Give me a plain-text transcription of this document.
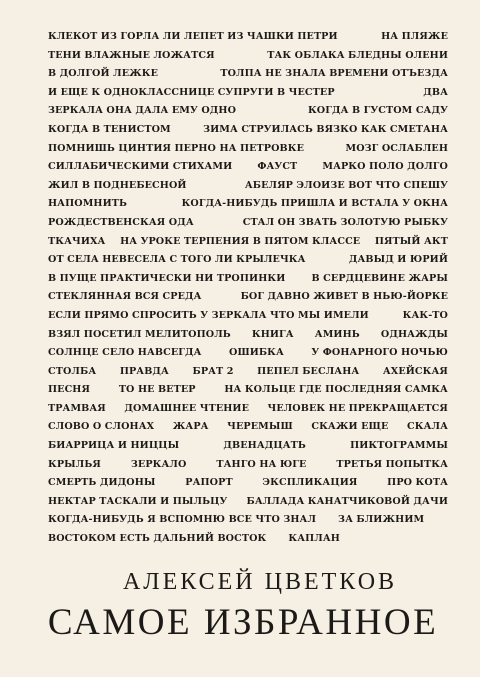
КЛЕКОТ ИЗ ГОРЛА ЛИ ЛЕПЕТ ИЗ ЧАШКИ ПЕТРИ	НА ПЛЯЖЕ
ТЕНИ ВЛАЖНЫЕ ЛОЖАТСЯ	ТАК ОБЛАКА БЛЕДНЫ ОЛЕНИ
В ДОЛГОЙ ЛЕЖКЕ	ТОЛПА НЕ ЗНАЛА ВРЕМЕНИ ОТЪЕЗДА
И ЕЩЕ К ОДНОКЛАССНИЦЕ СУПРУГИ В ЧЕСТЕР	ДВА
ЗЕРКАЛА ОНА ДАЛА ЕМУ ОДНО	КОГДА В ГУСТОМ САДУ
КОГДА В ТЕНИСТОМ	ЗИМА СТРУИЛАСЬ ВЯЗКО КАК СМЕТАНА
ПОМНИШЬ ЦИНТИЯ ПЕРНО НА ПЕТРОВКЕ	МОЗГ ОСЛАБЛЕН
СИЛЛАБИЧЕСКИМИ СТИХАМИ	ФАУСТ	МАРКО ПОЛО ДОЛГО
ЖИЛ В ПОДНЕБЕСНОЙ	АБЕЛЯР ЭЛОИЗЕ ВОТ ЧТО СПЕШУ
НАПОМНИТЬ	КОГДА-НИБУДЬ ПРИШЛА И ВСТАЛА У ОКНА
РОЖДЕСТВЕНСКАЯ ОДА	СТАЛ ОН ЗВАТЬ ЗОЛОТУЮ РЫБКУ
ТКАЧИХА НА УРОКЕ ТЕРПЕНИЯ В ПЯТОМ КЛАССЕ ПЯТЫЙ АКТ
ОТ СЕЛА НЕВЕСЕЛА С ТОГО ЛИ КРЫЛЕЧКА	ДАВЫД И ЮРИЙ
В ПУЩЕ ПРАКТИЧЕСКИ НИ ТРОПИНКИ	В СЕРДЦЕВИНЕ ЖАРЫ
СТЕКЛЯННАЯ ВСЯ СРЕДА	БОГ ДАВНО ЖИВЕТ В НЬЮ-ЙОРКЕ
ЕСЛИ ПРЯМО СПРОСИТЬ У ЗЕРКАЛА ЧТО МЫ ИМЕЛИ	КАК-ТО
ВЗЯЛ ПОСЕТИЛ МЕЛИТОПОЛЬ КНИГА АМИНЬ ОДНАЖДЫ
СОЛНЦЕ СЕЛО НАВСЕГДА	ОШИБКА	У ФОНАРНОГО НОЧЬЮ
СТОЛБА ПРАВДА БРАТ 2 ПЕПЕЛ БЕСЛАНА АХЕЙСКАЯ
ПЕСНЯ	ТО НЕ ВЕТЕР	НА КОЛЬЦЕ ГДЕ ПОСЛЕДНЯЯ САМКА
ТРАМВАЯ ДОМАШНЕЕ ЧТЕНИЕ ЧЕЛОВЕК НЕ ПРЕКРАЩАЕТСЯ
СЛОВО О СЛОНАХ ЖАРА ЧЕРЕМЫШ СКАЖИ ЕЩЕ СКАЛА
БИАРРИЦА И НИЦЦЫ	ДВЕНАДЦАТЬ	ПИКТОГРАММЫ
КРЫЛЬЯ	ЗЕРКАЛО	ТАНГО НА ЮГЕ	ТРЕТЬЯ ПОПЫТКА
СМЕРТЬ ДИДОНЫ	РАПОРТ	ЭКСПЛИКАЦИЯ	ПРО КОТА
НЕКТАР ТАСКАЛИ И ПЫЛЬЦУ БАЛЛАДА КАНАТЧИКОВОЙ ДАЧИ
КОГДА-НИБУДЬ Я ВСПОМНЮ ВСЕ ЧТО ЗНАЛ ЗА БЛИЖНИМ
ВОСТОКОМ ЕСТЬ ДАЛЬНИЙ ВОСТОК КАПЛАН
АЛЕКСЕЙ ЦВЕТКОВ
САМОЕ ИЗБРАННОЕ
